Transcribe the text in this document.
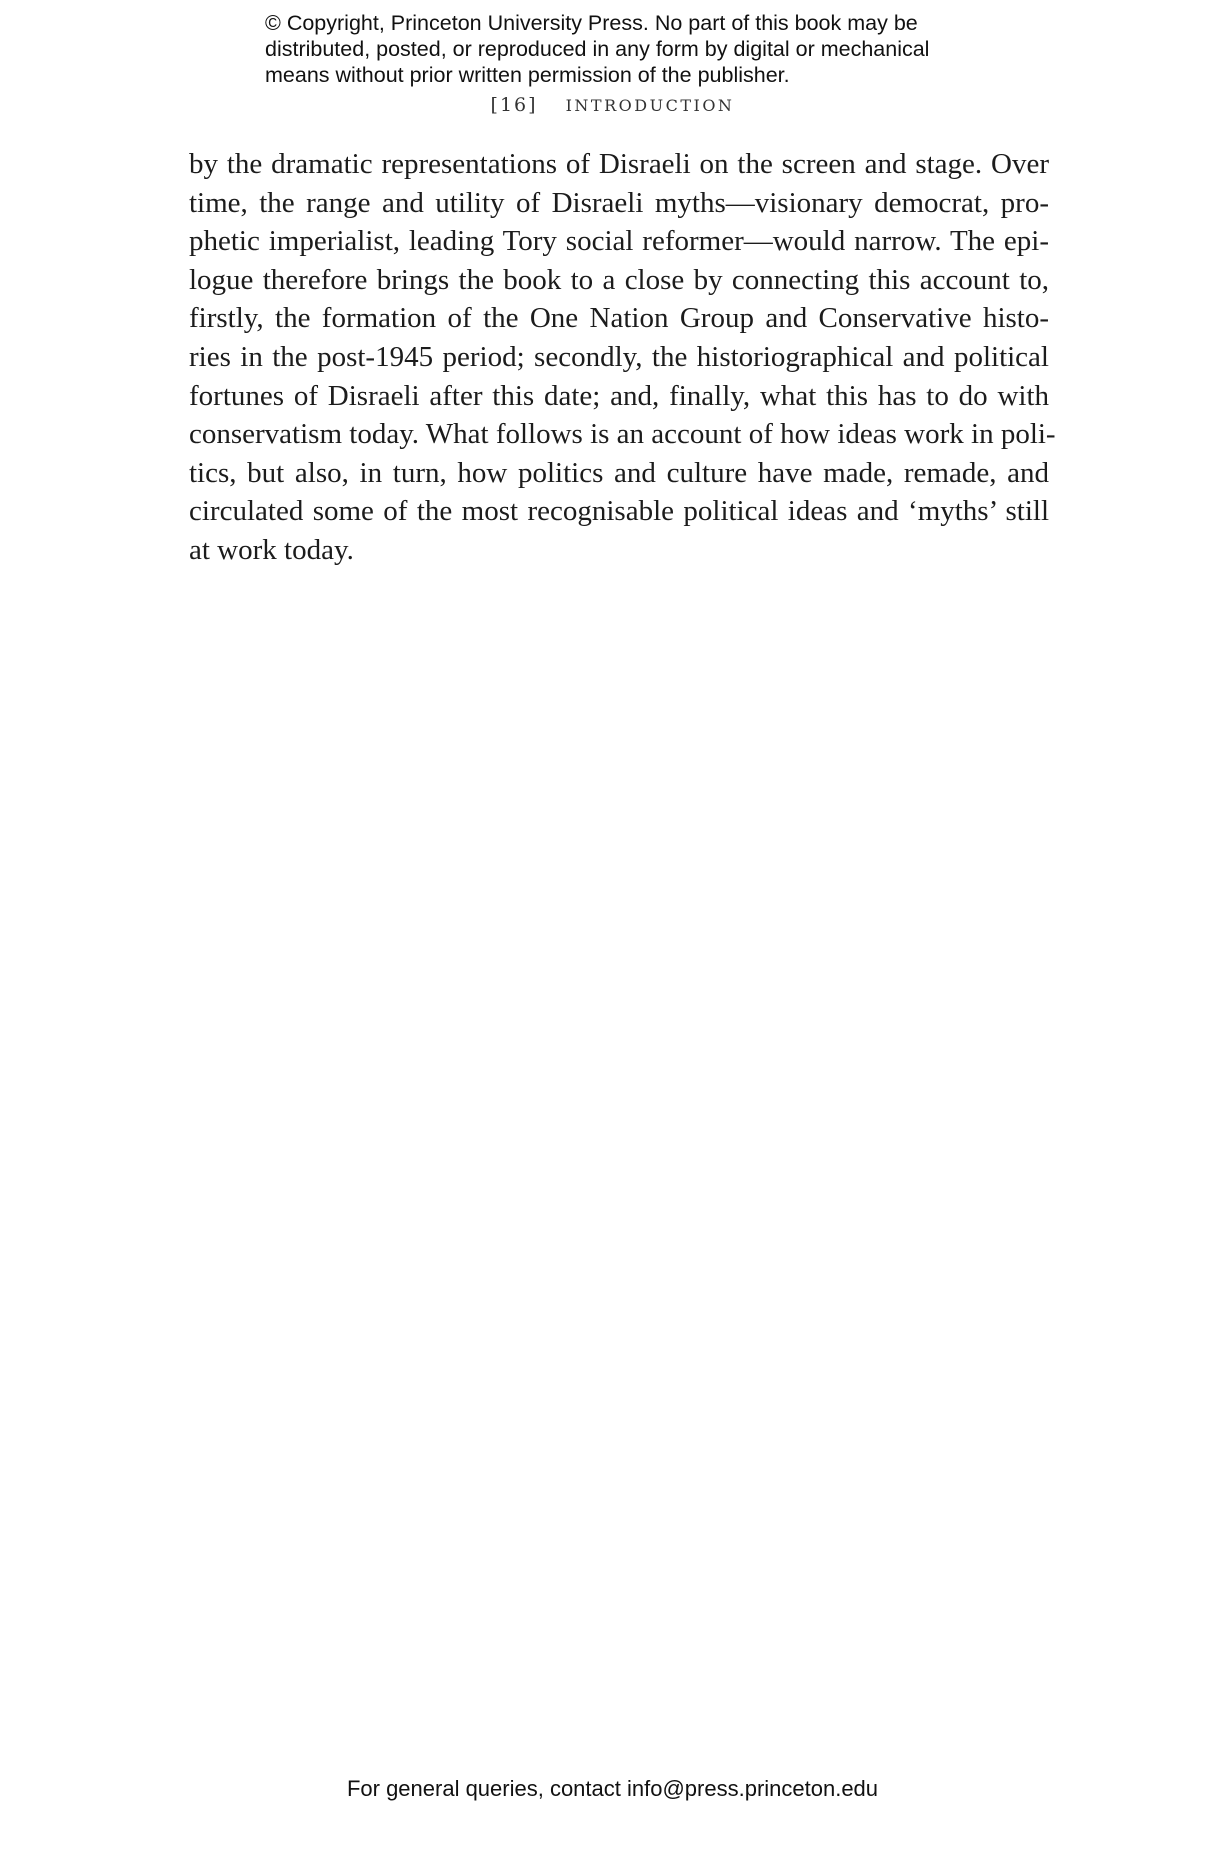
© Copyright, Princeton University Press. No part of this book may be
distributed, posted, or reproduced in any form by digital or mechanical
means without prior written permission of the publisher.
[16] INTRODUCTION
by the dramatic representations of Disraeli on the screen and stage. Over
time, the range and utility of Disraeli myths—visionary democrat, pro-
phetic imperialist, leading Tory social reformer—would narrow. The epi-
logue therefore brings the book to a close by connecting this account to,
firstly, the formation of the One Nation Group and Conservative histo-
ries in the post-1945 period; secondly, the historiographical and political
fortunes of Disraeli after this date; and, finally, what this has to do with
conservatism today. What follows is an account of how ideas work in poli-
tics, but also, in turn, how politics and culture have made, remade, and
circulated some of the most recognisable political ideas and ‘myths’ still
at work today.
For general queries, contact info@press.princeton.edu
